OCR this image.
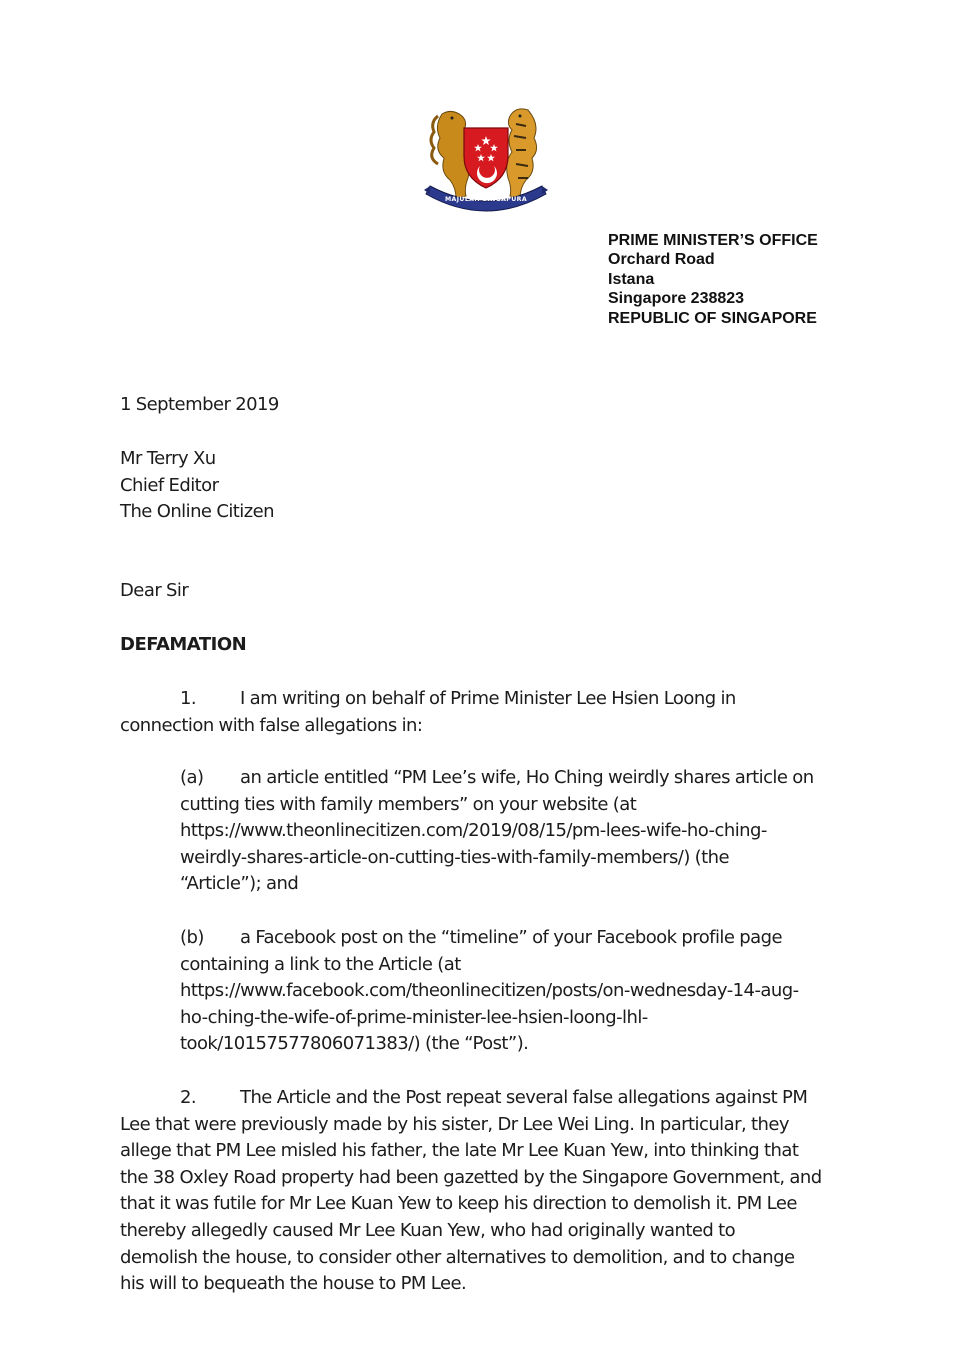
MAJULAH SINGAPURA
PRIME MINISTER’S OFFICE
Orchard Road
Istana
Singapore 238823
REPUBLIC OF SINGAPORE
1 September 2019
Mr Terry Xu
Chief Editor
The Online Citizen
Dear Sir
DEFAMATION
1. I am writing on behalf of Prime Minister Lee Hsien Loong in
connection with false allegations in:
(a) an article entitled “PM Lee’s wife, Ho Ching weirdly shares article on
cutting ties with family members” on your website (at
https://www.theonlinecitizen.com/2019/08/15/pm-lees-wife-ho-ching-
weirdly-shares-article-on-cutting-ties-with-family-members/) (the
“Article”); and
(b) a Facebook post on the “timeline” of your Facebook profile page
containing a link to the Article (at
https://www.facebook.com/theonlinecitizen/posts/on-wednesday-14-aug-
ho-ching-the-wife-of-prime-minister-lee-hsien-loong-lhl-
took/10157577806071383/) (the “Post”).
2. The Article and the Post repeat several false allegations against PM
Lee that were previously made by his sister, Dr Lee Wei Ling. In particular, they
allege that PM Lee misled his father, the late Mr Lee Kuan Yew, into thinking that
the 38 Oxley Road property had been gazetted by the Singapore Government, and
that it was futile for Mr Lee Kuan Yew to keep his direction to demolish it. PM Lee
thereby allegedly caused Mr Lee Kuan Yew, who had originally wanted to
demolish the house, to consider other alternatives to demolition, and to change
his will to bequeath the house to PM Lee.
